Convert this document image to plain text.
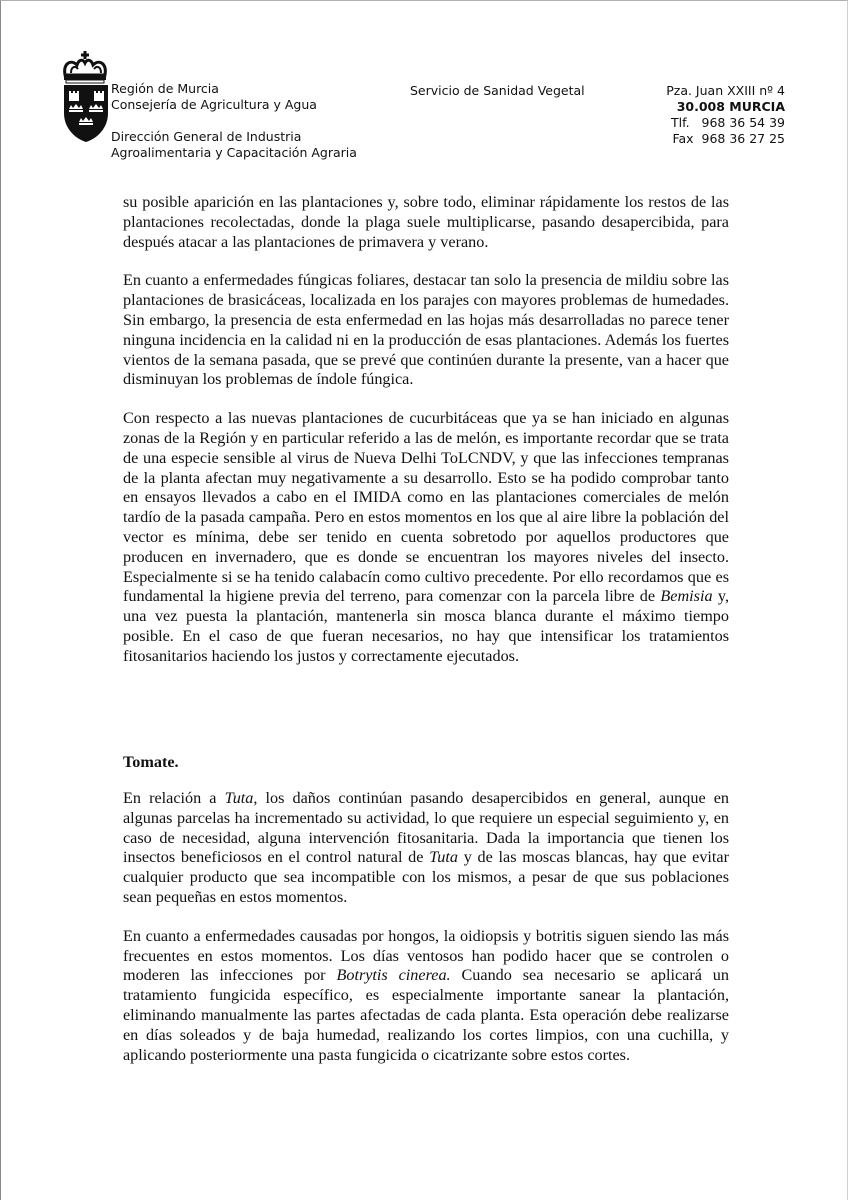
Región de Murcia
Consejería de Agricultura y Agua
Dirección General de Industria
Agroalimentaria y Capacitación Agraria
Servicio de Sanidad Vegetal	Pza. Juan XXIII nº 4
30.008 MURCIA
Tlf.   968 36 54 39
Fax  968 36 27 25

su posible aparición en las plantaciones y, sobre todo, eliminar rápidamente los restos de las plantaciones recolectadas, donde la plaga suele multiplicarse, pasando desapercibida, para después atacar a las plantaciones de primavera y verano.

En cuanto a enfermedades fúngicas foliares, destacar tan solo la presencia de mildiu sobre las plantaciones de brasicáceas, localizada en los parajes con mayores problemas de humedades. Sin embargo, la presencia de esta enfermedad en las hojas más desarrolladas no parece tener ninguna incidencia en la calidad ni en la producción de esas plantaciones. Además los fuertes vientos de la semana pasada, que se prevé que continúen durante la presente, van a hacer que disminuyan los problemas de índole fúngica.

Con respecto a las nuevas plantaciones de cucurbitáceas que ya se han iniciado en algunas zonas de la Región y en particular referido a las de melón, es importante recordar que se trata de una especie sensible al virus de Nueva Delhi ToLCNDV, y que las infecciones tempranas de la planta afectan muy negativamente a su desarrollo. Esto se ha podido comprobar tanto en ensayos llevados a cabo en el IMIDA como en las plantaciones comerciales de melón tardío de la pasada campaña. Pero en estos momentos en los que al aire libre la población del vector es mínima, debe ser tenido en cuenta sobretodo por aquellos productores que producen en invernadero, que es donde se encuentran los mayores niveles del insecto. Especialmente si se ha tenido calabacín como cultivo precedente. Por ello recordamos que es fundamental la higiene previa del terreno, para comenzar con la parcela libre de Bemisia y, una vez puesta la plantación, mantenerla sin mosca blanca durante el máximo tiempo posible. En el caso de que fueran necesarios, no hay que intensificar los tratamientos fitosanitarios haciendo los justos y correctamente ejecutados.

Tomate.

En relación a Tuta, los daños continúan pasando desapercibidos en general, aunque en algunas parcelas ha incrementado su actividad, lo que requiere un especial seguimiento y, en caso de necesidad, alguna intervención fitosanitaria. Dada la importancia que tienen los insectos beneficiosos en el control natural de Tuta y de las moscas blancas, hay que evitar cualquier producto que sea incompatible con los mismos, a pesar de que sus poblaciones sean pequeñas en estos momentos.

En cuanto a enfermedades causadas por hongos, la oidiopsis y botritis siguen siendo las más frecuentes en estos momentos. Los días ventosos han podido hacer que se controlen o moderen las infecciones por Botrytis cinerea. Cuando sea necesario se aplicará un tratamiento fungicida específico, es especialmente importante sanear la plantación, eliminando manualmente las partes afectadas de cada planta. Esta operación debe realizarse en días soleados y de baja humedad, realizando los cortes limpios, con una cuchilla, y aplicando posteriormente una pasta fungicida o cicatrizante sobre estos cortes.
